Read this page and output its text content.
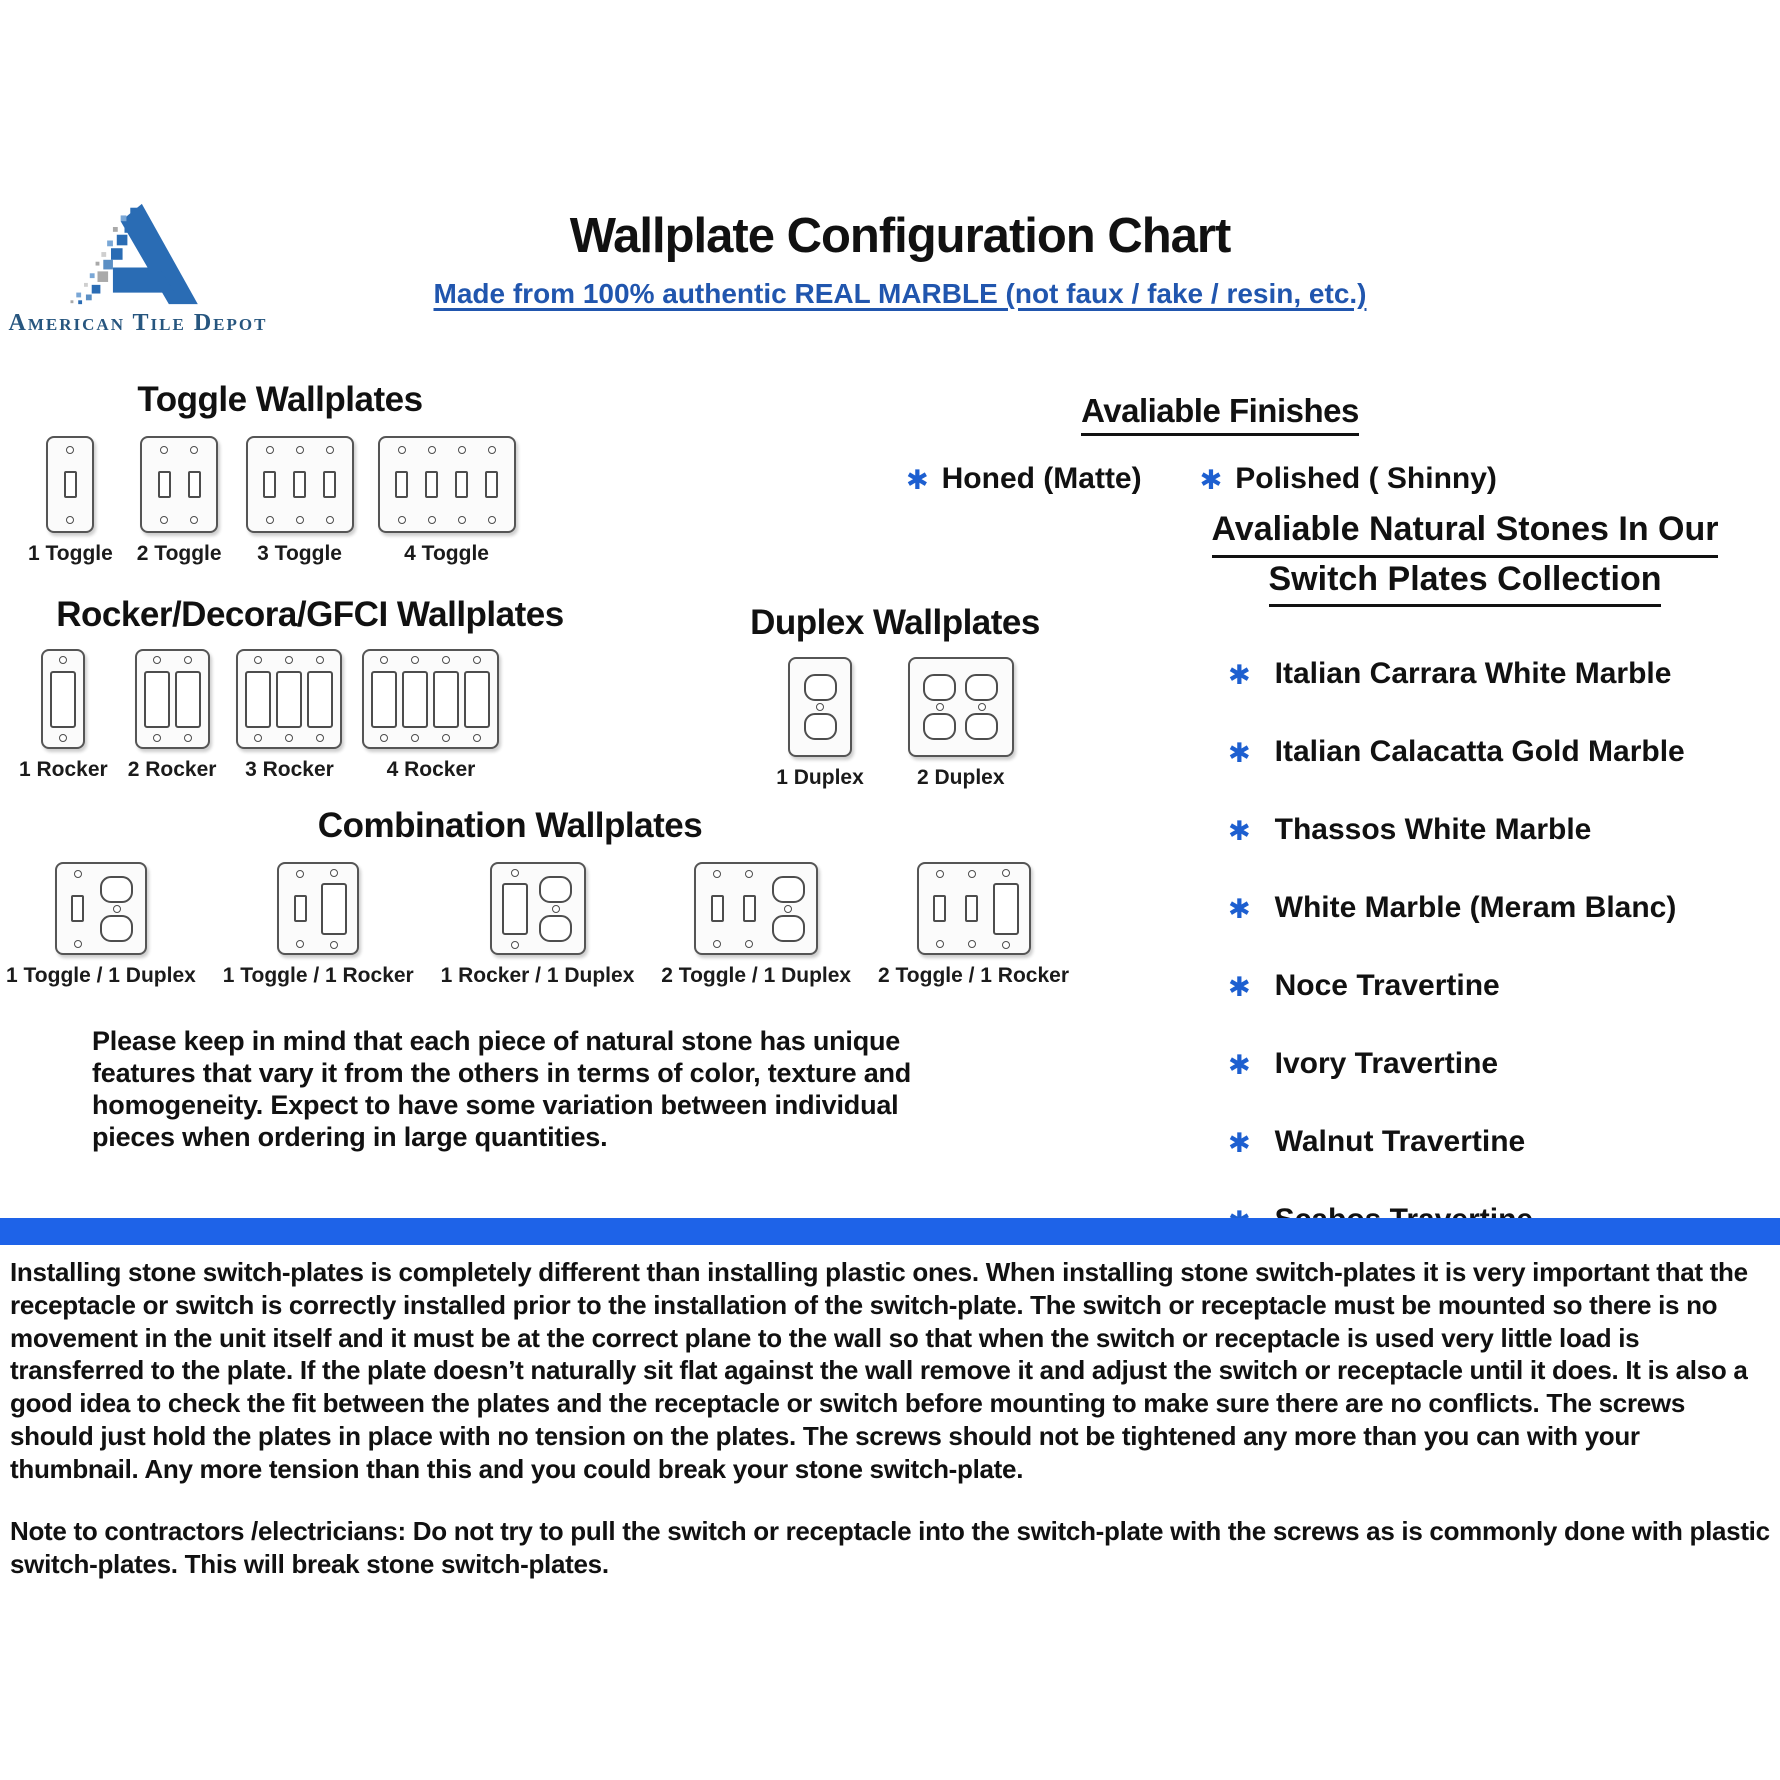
American Tile Depot
Wallplate Configuration Chart
Made from 100% authentic REAL MARBLE (not faux / fake / resin, etc.)
Toggle Wallplates
1 Toggle 2 Toggle 3 Toggle	4 Toggle
Rocker/Decora/GFCI Wallplates
1 Rocker 2 Rocker 3 Rocker	4 Rocker
Duplex Wallplates
1 Duplex	2 Duplex
Combination Wallplates
1 Toggle / 1 Duplex 1 Toggle / 1 Rocker 1 Rocker / 1 Duplex 2 Toggle / 1 Duplex 2 Toggle / 1 Rocker

Please keep in mind that each piece of natural stone has unique features that vary it from the others in terms of color, texture and homogeneity. Expect to have some variation between individual pieces when ordering in large quantities.

Avaliable Finishes
✱ Honed (Matte) ✱ Polished ( Shinny)
Avaliable Natural Stones In Our
Switch Plates Collection
✱ Italian Carrara White Marble
✱ Italian Calacatta Gold Marble
✱ Thassos White Marble
✱ White Marble (Meram Blanc)
✱ Noce Travertine
✱ Ivory Travertine
✱ Walnut Travertine

Installing stone switch-plates is completely different than installing plastic ones. When installing stone switch-plates it is very important that the receptacle or switch is correctly installed prior to the installation of the switch-plate. The switch or receptacle must be mounted so there is no movement in the unit itself and it must be at the correct plane to the wall so that when the switch or receptacle is used very little load is transferred to the plate. If the plate doesn’t naturally sit flat against the wall remove it and adjust the switch or receptacle until it does. It is also a good idea to check the fit between the plates and the receptacle or switch before mounting to make sure there are no conflicts. The screws should just hold the plates in place with no tension on the plates. The screws should not be tightened any more than you can with your thumbnail. Any more tension than this and you could break your stone switch-plate.

Note to contractors /electricians: Do not try to pull the switch or receptacle into the switch-plate with the screws as is commonly done with plastic switch-plates. This will break stone switch-plates.
